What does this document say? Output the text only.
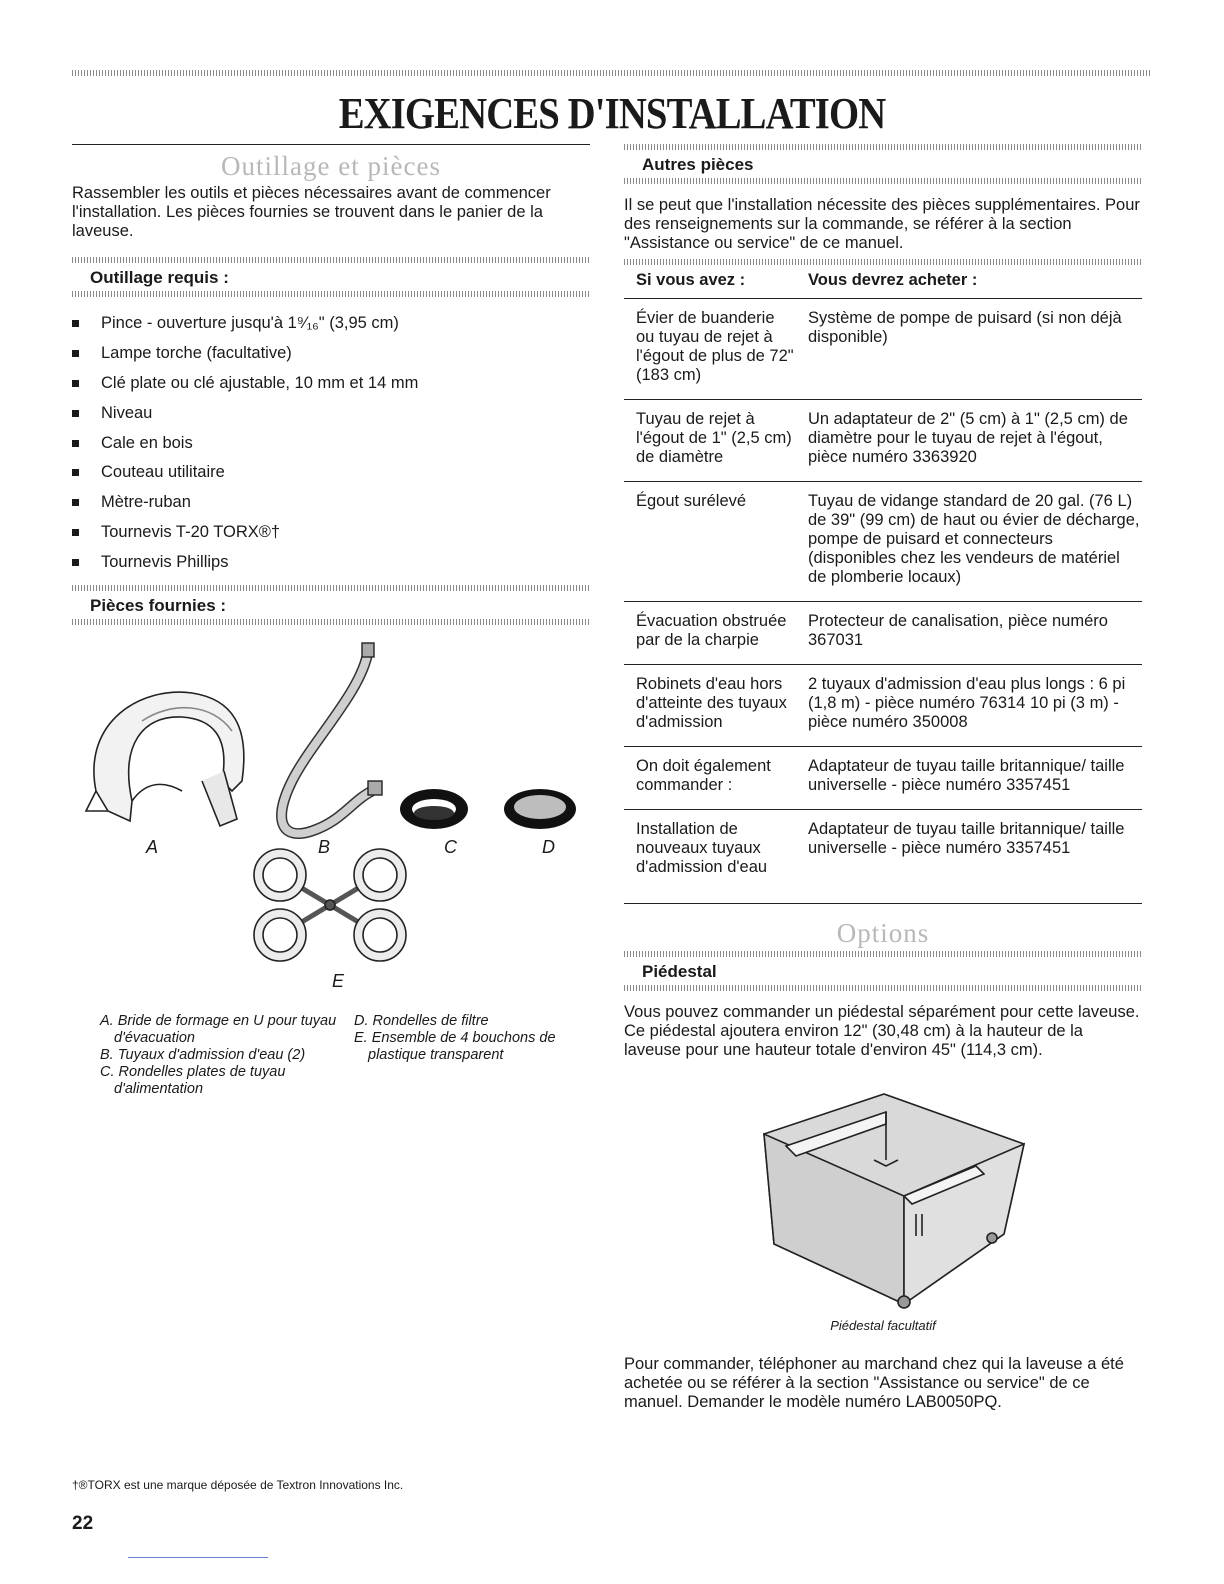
EXIGENCES D'INSTALLATION
Outillage et pièces

Rassembler les outils et pièces nécessaires avant de commencer l'installation. Les pièces fournies se trouvent dans le panier de la laveuse.

Outillage requis :
Pince - ouverture jusqu'à 1⁹⁄₁₆" (3,95 cm)
Lampe torche (facultative)
Clé plate ou clé ajustable, 10 mm et 14 mm
Niveau
Cale en bois
Couteau utilitaire
Mètre-ruban
Tournevis T-20 TORX®†
Tournevis Phillips
Pièces fournies :
A	B	C	D
E
A. Bride de formage en U pour tuyau d'évacuation
B. Tuyaux d'admission d'eau (2)
C. Rondelles plates de tuyau d'alimentation
D. Rondelles de filtre
E. Ensemble de 4 bouchons de plastique transparent
Autres pièces

Il se peut que l'installation nécessite des pièces supplémentaires. Pour des renseignements sur la commande, se référer à la section "Assistance ou service" de ce manuel.

Si vous avez :	Vous devrez acheter :
Évier de buanderie ou tuyau de rejet à l'égout de plus de 72" (183 cm)	Système de pompe de puisard (si non déjà disponible)
Tuyau de rejet à l'égout de 1" (2,5 cm) de diamètre	Un adaptateur de 2" (5 cm) à 1" (2,5 cm) de diamètre pour le tuyau de rejet à l'égout, pièce numéro 3363920
Égout surélevé	Tuyau de vidange standard de 20 gal. (76 L) de 39" (99 cm) de haut ou évier de décharge, pompe de puisard et connecteurs (disponibles chez les vendeurs de matériel de plomberie locaux)
Évacuation obstruée par de la charpie	Protecteur de canalisation, pièce numéro 367031
Robinets d'eau hors d'atteinte des tuyaux d'admission	2 tuyaux d'admission d'eau plus longs : 6 pi (1,8 m) - pièce numéro 76314 10 pi (3 m) - pièce numéro 350008
On doit également commander :	Adaptateur de tuyau taille britannique/ taille universelle - pièce numéro 3357451
Installation de nouveaux tuyaux d'admission d'eau	Adaptateur de tuyau taille britannique/ taille universelle - pièce numéro 3357451
Options
Piédestal

Vous pouvez commander un piédestal séparément pour cette laveuse. Ce piédestal ajoutera environ 12" (30,48 cm) à la hauteur de la laveuse pour une hauteur totale d'environ 45" (114,3 cm).

Piédestal facultatif

Pour commander, téléphoner au marchand chez qui la laveuse a été achetée ou se référer à la section "Assistance ou service" de ce manuel. Demander le modèle numéro LAB0050PQ.

†®TORX est une marque déposée de Textron Innovations Inc.
22
